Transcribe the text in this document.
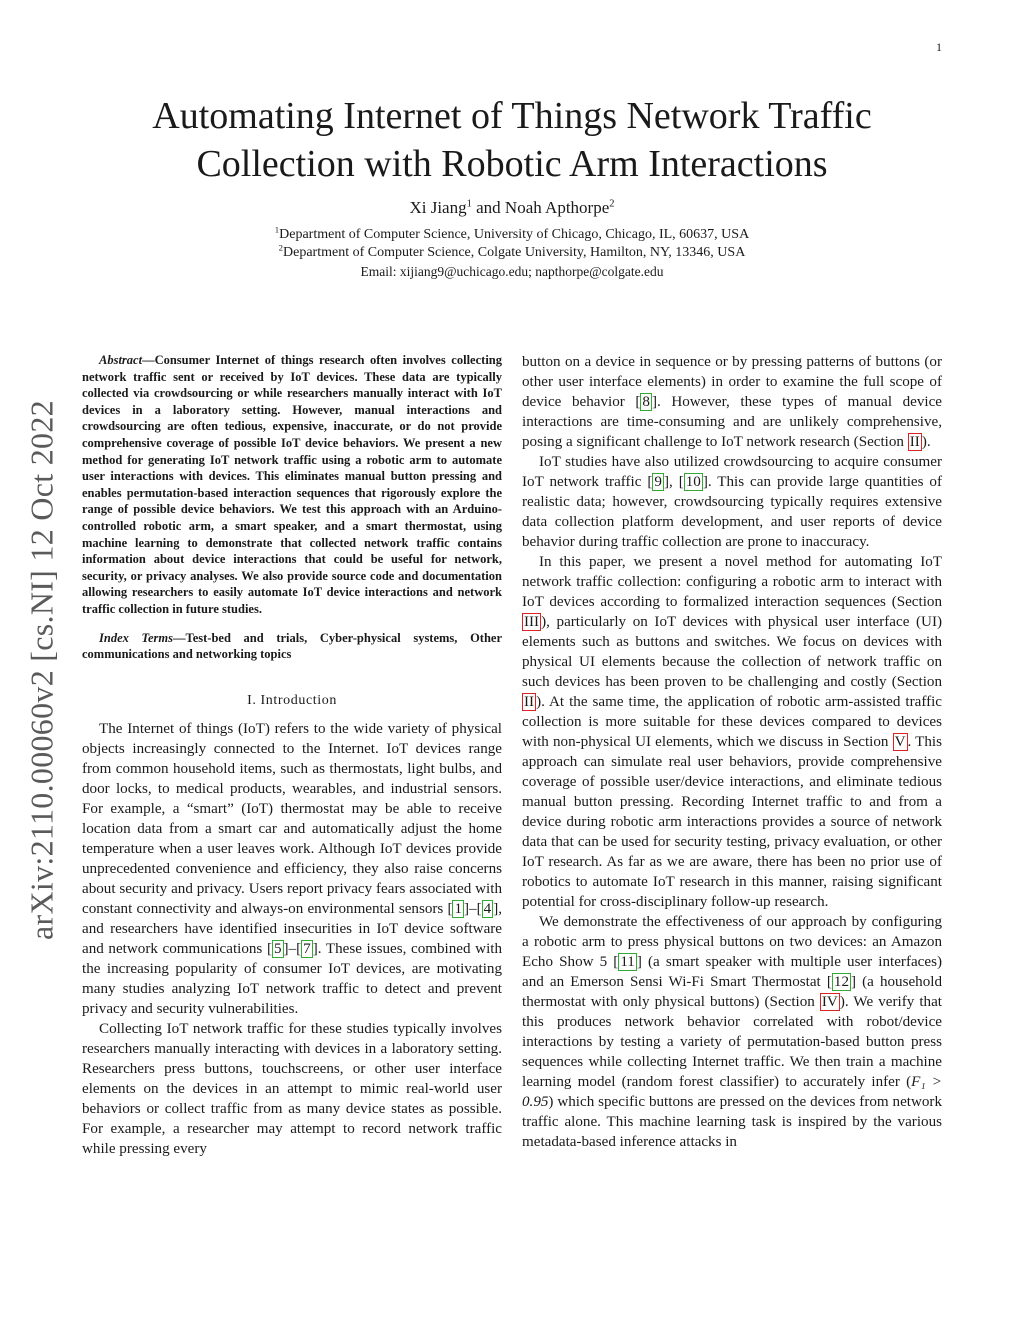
1
arXiv:2110.00060v2 [cs.NI] 12 Oct 2022
Automating Internet of Things Network Traffic Collection with Robotic Arm Interactions
Xi Jiang$^1$ and Noah Apthorpe$^2$
$^1$Department of Computer Science, University of Chicago, Chicago, IL, 60637, USA
$^2$Department of Computer Science, Colgate University, Hamilton, NY, 13346, USA
Email: xijiang9@uchicago.edu; napthorpe@colgate.edu

Abstract—Consumer Internet of things research often involves collecting network traffic sent or received by IoT devices. These data are typically collected via crowdsourcing or while researchers manually interact with IoT devices in a laboratory setting. However, manual interactions and crowdsourcing are often tedious, expensive, inaccurate, or do not provide comprehensive coverage of possible IoT device behaviors. We present a new method for generating IoT network traffic using a robotic arm to automate user interactions with devices. This eliminates manual button pressing and enables permutation-based interaction sequences that rigorously explore the range of possible device behaviors. We test this approach with an Arduino-controlled robotic arm, a smart speaker, and a smart thermostat, using machine learning to demonstrate that collected network traffic contains information about device interactions that could be useful for network, security, or privacy analyses. We also provide source code and documentation allowing researchers to easily automate IoT device interactions and network traffic collection in future studies.

Index Terms—Test-bed and trials, Cyber-physical systems, Other communications and networking topics

I. Introduction

The Internet of things (IoT) refers to the wide variety of physical objects increasingly connected to the Internet. IoT devices range from common household items, such as thermostats, light bulbs, and door locks, to medical products, wearables, and industrial sensors. For example, a “smart” (IoT) thermostat may be able to receive location data from a smart car and automatically adjust the home temperature when a user leaves work. Although IoT devices provide unprecedented convenience and efficiency, they also raise concerns about security and privacy. Users report privacy fears associated with constant connectivity and always-on environmental sensors [ 1 ]–[ 4 ], and researchers have identified insecurities in IoT device software and network communications [ 5 ]–[ 7 ]. These issues, combined with the increasing popularity of consumer IoT devices, are motivating many studies analyzing IoT network traffic to detect and prevent privacy and security vulnerabilities.

Collecting IoT network traffic for these studies typically involves researchers manually interacting with devices in a laboratory setting. Researchers press buttons, touchscreens, or other user interface elements on the devices in an attempt to mimic real-world user behaviors or collect traffic from as many device states as possible. For example, a researcher may attempt to record network traffic while pressing every

button on a device in sequence or by pressing patterns of buttons (or other user interface elements) in order to examine the full scope of device behavior [ 8 ]. However, these types of manual device interactions are time-consuming and are unlikely comprehensive, posing a significant challenge to IoT network research (Section II ).

IoT studies have also utilized crowdsourcing to acquire consumer IoT network traffic [ 9 ], [ 10 ]. This can provide large quantities of realistic data; however, crowdsourcing typically requires extensive data collection platform development, and user reports of device behavior during traffic collection are prone to inaccuracy.

In this paper, we present a novel method for automating IoT network traffic collection: configuring a robotic arm to interact with IoT devices according to formalized interaction sequences (Section III ), particularly on IoT devices with physical user interface (UI) elements such as buttons and switches. We focus on devices with physical UI elements because the collection of network traffic on such devices has been proven to be challenging and costly (Section II ). At the same time, the application of robotic arm-assisted traffic collection is more suitable for these devices compared to devices with non-physical UI elements, which we discuss in Section V . This approach can simulate real user behaviors, provide comprehensive coverage of possible user/device interactions, and eliminate tedious manual button pressing. Recording Internet traffic to and from a device during robotic arm interactions provides a source of network data that can be used for security testing, privacy evaluation, or other IoT research. As far as we are aware, there has been no prior use of robotics to automate IoT research in this manner, raising significant potential for cross-disciplinary follow-up research.

We demonstrate the effectiveness of our approach by configuring a robotic arm to press physical buttons on two devices: an Amazon Echo Show 5 [ 11 ] (a smart speaker with multiple user interfaces) and an Emerson Sensi Wi-Fi Smart Thermostat [ 12 ] (a household thermostat with only physical buttons) (Section IV ). We verify that this produces network behavior correlated with robot/device interactions by testing a variety of permutation-based button press sequences while collecting Internet traffic. We then train a machine learning model (random forest classifier) to accurately infer (F₁ > 0.95) which specific buttons are pressed on the devices from network traffic alone. This machine learning task is inspired by the various metadata-based inference attacks in
